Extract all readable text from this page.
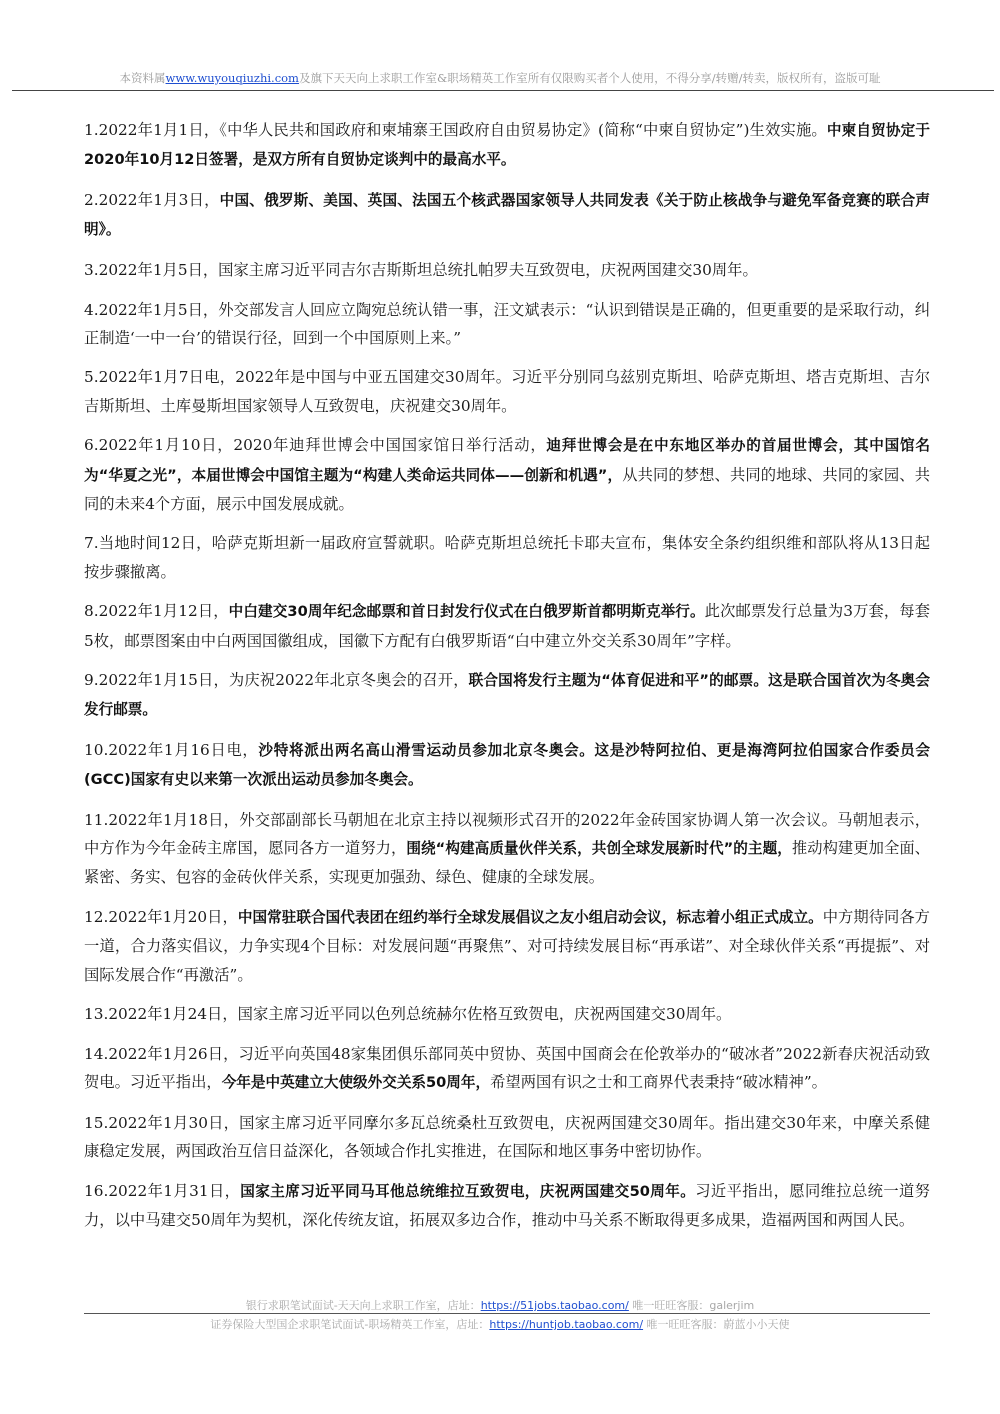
本资料属www.wuyouqiuzhi.com及旗下天天向上求职工作室&职场精英工作室所有仅限购买者个人使用，不得分享/转赠/转卖，版权所有，盗版可耻

1.2022年1月1日，《中华人民共和国政府和柬埔寨王国政府自由贸易协定》(简称“中柬自贸协定”)生效实施。中柬自贸协定于2020年10月12日签署，是双方所有自贸协定谈判中的最高水平。

2.2022年1月3日，中国、俄罗斯、美国、英国、法国五个核武器国家领导人共同发表《关于防止核战争与避免军备竞赛的联合声明》。

3.2022年1月5日，国家主席习近平同吉尔吉斯斯坦总统扎帕罗夫互致贺电，庆祝两国建交30周年。

4.2022年1月5日，外交部发言人回应立陶宛总统认错一事，汪文斌表示：“认识到错误是正确的，但更重要的是采取行动，纠正制造‘一中一台’的错误行径，回到一个中国原则上来。”

5.2022年1月7日电，2022年是中国与中亚五国建交30周年。习近平分别同乌兹别克斯坦、哈萨克斯坦、塔吉克斯坦、吉尔吉斯斯坦、土库曼斯坦国家领导人互致贺电，庆祝建交30周年。

6.2022年1月10日，2020年迪拜世博会中国国家馆日举行活动，迪拜世博会是在中东地区举办的首届世博会，其中国馆名为“华夏之光”，本届世博会中国馆主题为“构建人类命运共同体——创新和机遇”，从共同的梦想、共同的地球、共同的家园、共同的未来4个方面，展示中国发展成就。

7.当地时间12日，哈萨克斯坦新一届政府宣誓就职。哈萨克斯坦总统托卡耶夫宣布，集体安全条约组织维和部队将从13日起按步骤撤离。

8.2022年1月12日，中白建交30周年纪念邮票和首日封发行仪式在白俄罗斯首都明斯克举行。此次邮票发行总量为3万套，每套5枚，邮票图案由中白两国国徽组成，国徽下方配有白俄罗斯语“白中建立外交关系30周年”字样。

9.2022年1月15日，为庆祝2022年北京冬奥会的召开，联合国将发行主题为“体育促进和平”的邮票。这是联合国首次为冬奥会发行邮票。

10.2022年1月16日电，沙特将派出两名高山滑雪运动员参加北京冬奥会。这是沙特阿拉伯、更是海湾阿拉伯国家合作委员会(GCC)国家有史以来第一次派出运动员参加冬奥会。

11.2022年1月18日，外交部副部长马朝旭在北京主持以视频形式召开的2022年金砖国家协调人第一次会议。马朝旭表示，中方作为今年金砖主席国，愿同各方一道努力，围绕“构建高质量伙伴关系，共创全球发展新时代”的主题，推动构建更加全面、紧密、务实、包容的金砖伙伴关系，实现更加强劲、绿色、健康的全球发展。

12.2022年1月20日，中国常驻联合国代表团在纽约举行全球发展倡议之友小组启动会议，标志着小组正式成立。中方期待同各方一道，合力落实倡议，力争实现4个目标：对发展问题“再聚焦”、对可持续发展目标“再承诺”、对全球伙伴关系“再提振”、对国际发展合作“再激活”。

13.2022年1月24日，国家主席习近平同以色列总统赫尔佐格互致贺电，庆祝两国建交30周年。

14.2022年1月26日，习近平向英国48家集团俱乐部同英中贸协、英国中国商会在伦敦举办的“破冰者”2022新春庆祝活动致贺电。习近平指出，今年是中英建立大使级外交关系50周年，希望两国有识之士和工商界代表秉持“破冰精神”。

15.2022年1月30日，国家主席习近平同摩尔多瓦总统桑杜互致贺电，庆祝两国建交30周年。指出建交30年来，中摩关系健康稳定发展，两国政治互信日益深化，各领域合作扎实推进，在国际和地区事务中密切协作。

16.2022年1月31日，国家主席习近平同马耳他总统维拉互致贺电，庆祝两国建交50周年。习近平指出，愿同维拉总统一道努力，以中马建交50周年为契机，深化传统友谊，拓展双多边合作，推动中马关系不断取得更多成果，造福两国和两国人民。

银行求职笔试面试-天天向上求职工作室，店址：https://51jobs.taobao.com/ 唯一旺旺客服：galerjim
证券保险大型国企求职笔试面试-职场精英工作室，店址：https://huntjob.taobao.com/ 唯一旺旺客服：蔚蓝小小天使
